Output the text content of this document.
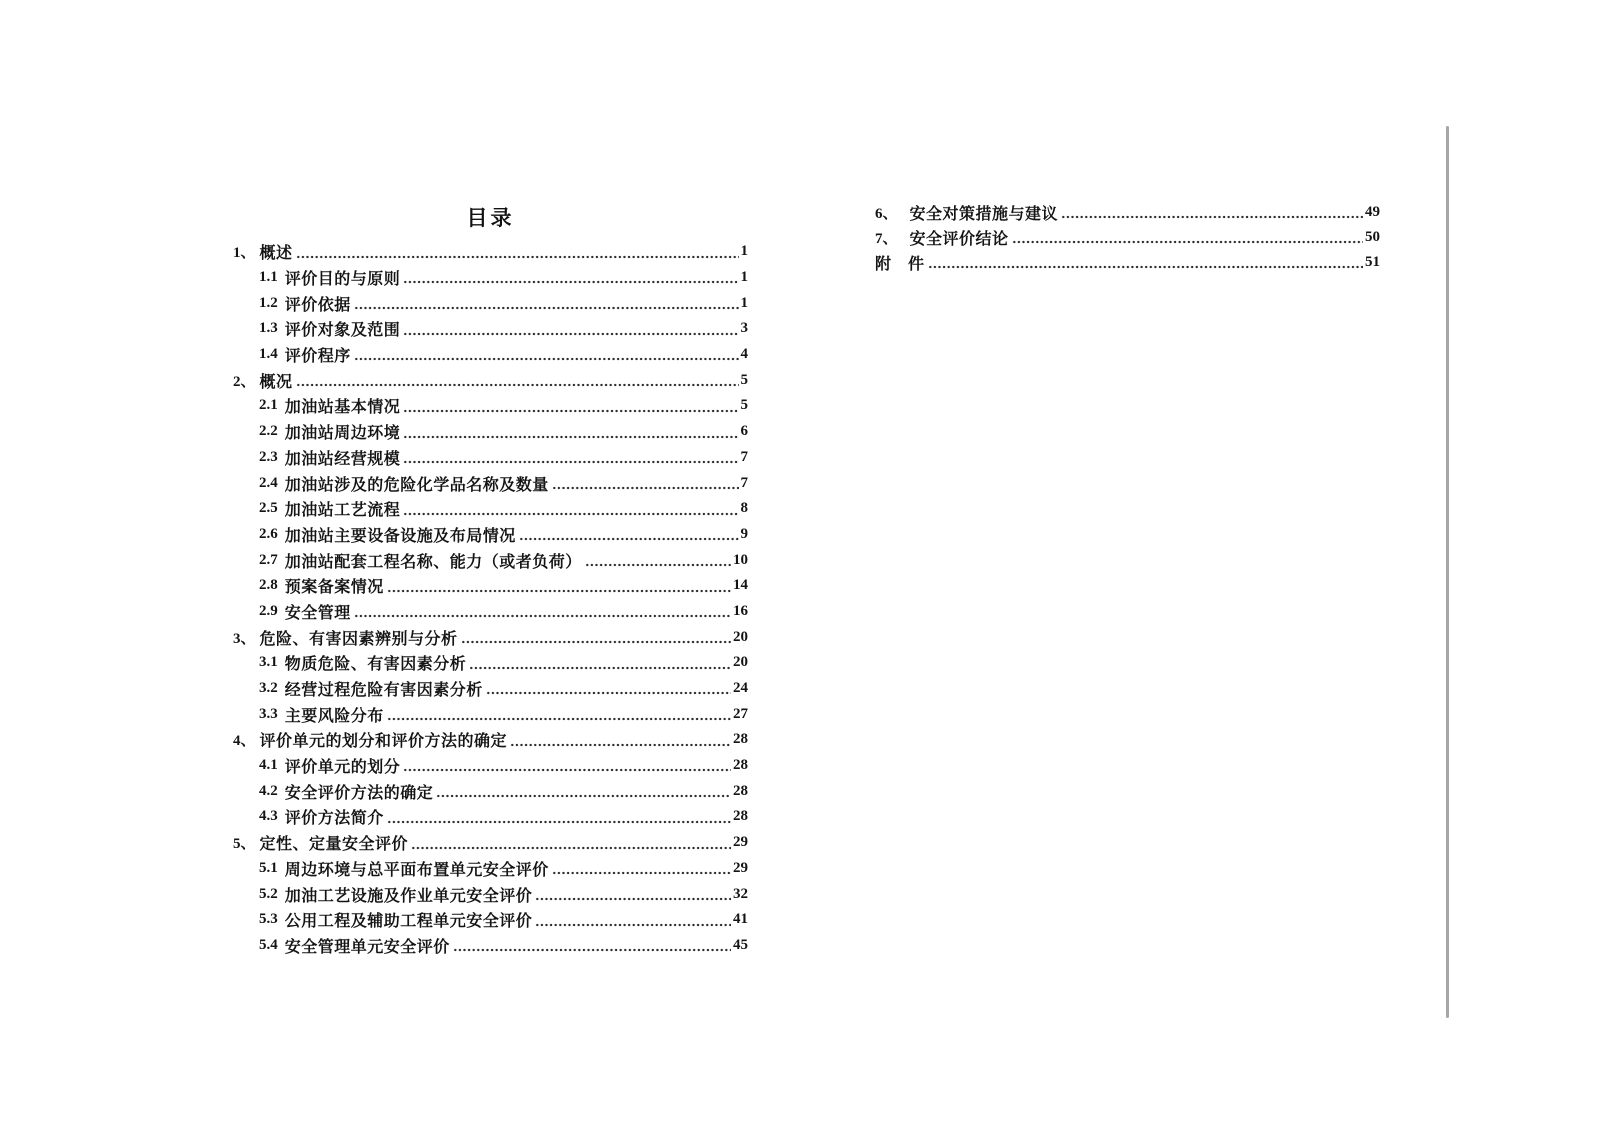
目录
1、 概述	1
1.1 评价目的与原则	1
1.2 评价依据	1
1.3 评价对象及范围	3
1.4 评价程序	4
2、 概况	5
2.1 加油站基本情况	5
2.2 加油站周边环境	6
2.3 加油站经营规模	7
2.4 加油站涉及的危险化学品名称及数量	7
2.5 加油站工艺流程	8
2.6 加油站主要设备设施及布局情况	9
2.7 加油站配套工程名称、能力（或者负荷）	10
2.8 预案备案情况	14
2.9 安全管理	16
3、 危险、有害因素辨别与分析	20
3.1 物质危险、有害因素分析	20
3.2 经营过程危险有害因素分析	24
3.3 主要风险分布	27
4、 评价单元的划分和评价方法的确定	28
4.1 评价单元的划分	28
4.2 安全评价方法的确定	28
4.3 评价方法简介	28
5、 定性、定量安全评价	29
5.1 周边环境与总平面布置单元安全评价	29
5.2 加油工艺设施及作业单元安全评价	32
5.3 公用工程及辅助工程单元安全评价	41
5.4 安全管理单元安全评价	45
6、 安全对策措施与建议	49
7、 安全评价结论	50
附　件	51
